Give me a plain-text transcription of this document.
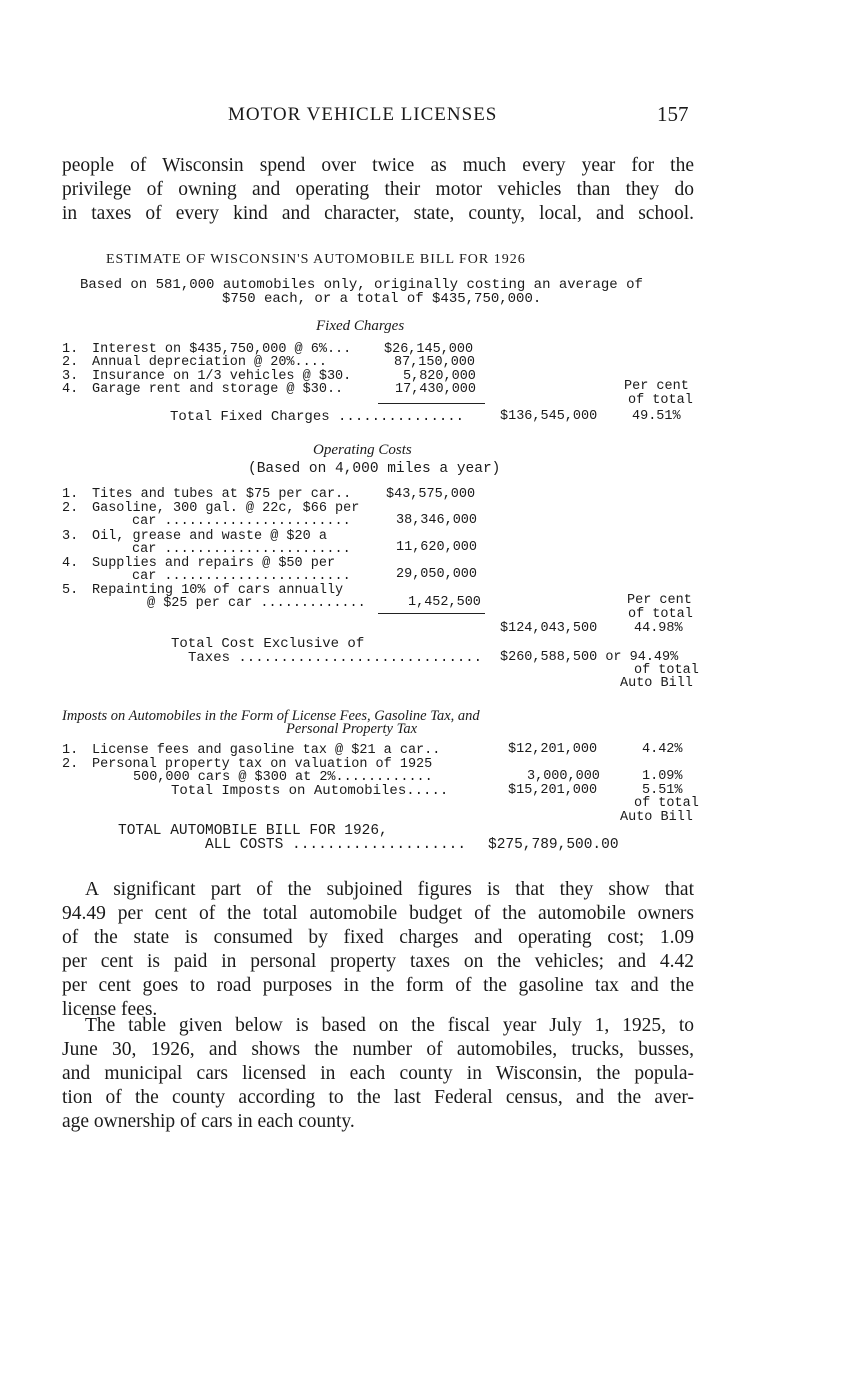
MOTOR VEHICLE LICENSES	157
people of Wisconsin spend over twice as much every year for the
privilege of owning and operating their motor vehicles than they do
in taxes of every kind and character, state, county, local, and school.
ESTIMATE OF WISCONSIN'S AUTOMOBILE BILL FOR 1926
Based on 581,000 automobiles only, originally costing an average of
$750 each, or a total of $435,750,000.
Fixed Charges
1. Interest on $435,750,000 @ 6%... $26,145,000
2. Annual depreciation @ 20%....	87,150,000
3. Insurance on 1/3 vehicles @ $30.	5,820,000
4. Garage rent and storage @ $30..	17,430,000	Per cent
of total
Total Fixed Charges ...............	$136,545,000	49.51%
Operating Costs
(Based on 4,000 miles a year)
1. Tites and tubes at $75 per car..	$43,575,000
2. Gasoline, 300 gal. @ 22c, $66 per
car .......................	38,346,000
3. Oil, grease and waste @ $20 a
car .......................	11,620,000
4. Supplies and repairs @ $50 per
car .......................	29,050,000
5. Repainting 10% of cars annually
@ $25 per car .............	1,452,500	Per cent
of total
$124,043,500	44.98%
Total Cost Exclusive of
Taxes ............................. $260,588,500 or 94.49%
of total
Auto Bill
Imposts on Automobiles in the Form of License Fees, Gasoline Tax, and
Personal Property Tax
1. License fees and gasoline tax @ $21 a car..	$12,201,000	4.42%
2. Personal property tax on valuation of 1925
500,000 cars @ $300 at 2%............	3,000,000	1.09%
Total Imposts on Automobiles.....	$15,201,000	5.51%
of total
Auto Bill
TOTAL AUTOMOBILE BILL FOR 1926,
ALL COSTS .................... $275,789,500.00
A significant part of the subjoined figures is that they show that
94.49 per cent of the total automobile budget of the automobile owners
of the state is consumed by fixed charges and operating cost; 1.09
per cent is paid in personal property taxes on the vehicles; and 4.42
per cent goes to road purposes in the form of the gasoline tax and the
license fees.
The table given below is based on the fiscal year July 1, 1925, to
June 30, 1926, and shows the number of automobiles, trucks, busses,
and municipal cars licensed in each county in Wisconsin, the popula-
tion of the county according to the last Federal census, and the aver-
age ownership of cars in each county.
